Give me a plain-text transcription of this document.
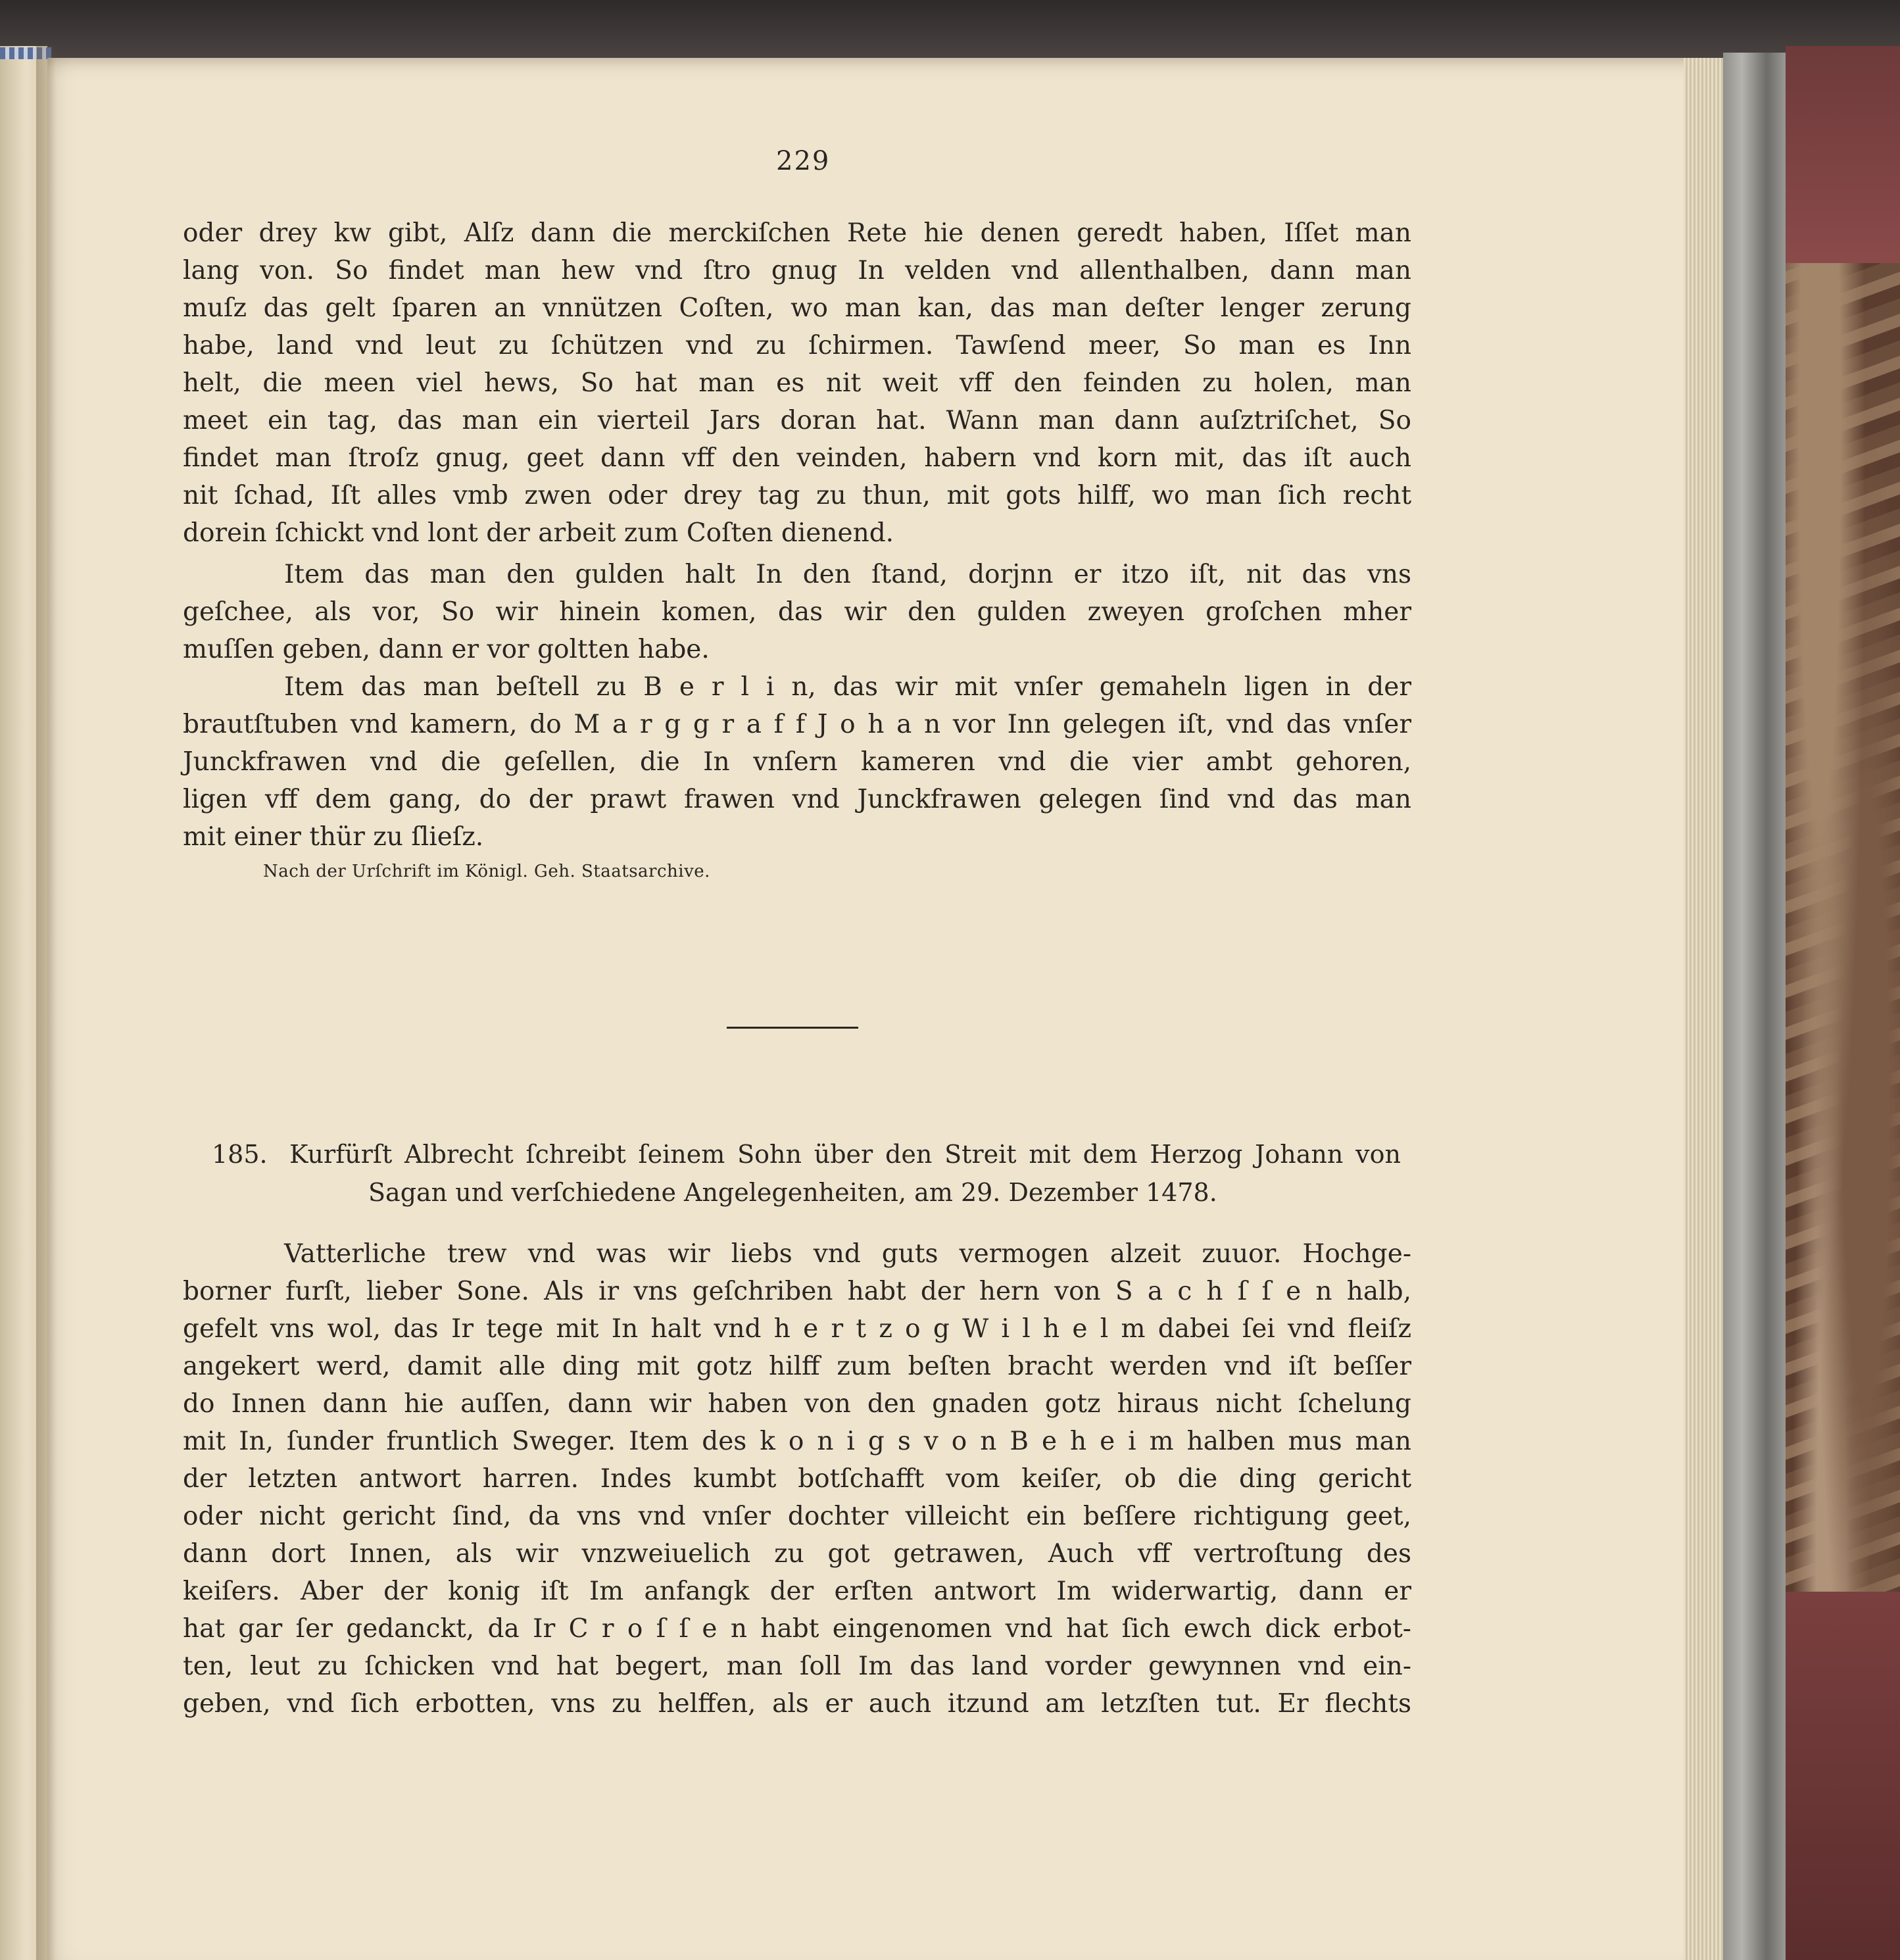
229
oder drey kw gibt, Alſz dann die merckiſchen Rete hie denen geredt haben, Iſſet man
lang von. So findet man hew vnd ſtro gnug In velden vnd allenthalben, dann man
muſz das gelt ſparen an vnnützen Coſten, wo man kan, das man deſter lenger zerung
habe, land vnd leut zu ſchützen vnd zu ſchirmen. Tawſend meer, So man es Inn
helt, die meen viel hews, So hat man es nit weit vff den feinden zu holen, man
meet ein tag, das man ein vierteil Jars doran hat. Wann man dann auſztriſchet, So
findet man ſtroſz gnug, geet dann vff den veinden, habern vnd korn mit, das iſt auch
nit ſchad, Iſt alles vmb zwen oder drey tag zu thun, mit gots hilff, wo man ſich recht
dorein ſchickt vnd lont der arbeit zum Coſten dienend.
Item das man den gulden halt In den ſtand, dorjnn er itzo iſt, nit das vns
geſchee, als vor, So wir hinein komen, das wir den gulden zweyen groſchen mher
muſſen geben, dann er vor goltten habe.
Item das man beſtell zu B e r l i n, das wir mit vnſer gemaheln ligen in der
brautſtuben vnd kamern, do M a r g g r a f f J o h a n vor Inn gelegen iſt, vnd das vnſer
Junckfrawen vnd die geſellen, die In vnſern kameren vnd die vier ambt gehoren,
ligen vff dem gang, do der prawt frawen vnd Junckfrawen gelegen ſind vnd das man
mit einer thür zu ſlieſz.
Nach der Urſchrift im Königl. Geh. Staatsarchive.
185. Kurfürſt Albrecht ſchreibt ſeinem Sohn über den Streit mit dem Herzog Johann von
Sagan und verſchiedene Angelegenheiten, am 29. Dezember 1478.
Vatterliche trew vnd was wir liebs vnd guts vermogen alzeit zuuor. Hochge-
borner furſt, lieber Sone. Als ir vns geſchriben habt der hern von S a c h ſ ſ e n halb,
gefelt vns wol, das Ir tege mit In halt vnd h e r t z o g W i l h e l m dabei ſei vnd fleiſz
angekert werd, damit alle ding mit gotz hilff zum beſten bracht werden vnd iſt beſſer
do Innen dann hie auſſen, dann wir haben von den gnaden gotz hiraus nicht ſchelung
mit In, ſunder fruntlich Sweger. Item des k o n i g s v o n B e h e i m halben mus man
der letzten antwort harren. Indes kumbt botſchafft vom keiſer, ob die ding gericht
oder nicht gericht ſind, da vns vnd vnſer dochter villeicht ein beſſere richtigung geet,
dann dort Innen, als wir vnzweiuelich zu got getrawen, Auch vff vertroſtung des
keiſers. Aber der konig iſt Im anfangk der erſten antwort Im widerwartig, dann er
hat gar ſer gedanckt, da Ir C r o ſ ſ e n habt eingenomen vnd hat ſich ewch dick erbot-
ten, leut zu ſchicken vnd hat begert, man ſoll Im das land vorder gewynnen vnd ein-
geben, vnd ſich erbotten, vns zu helffen, als er auch itzund am letzſten tut. Er flechts
